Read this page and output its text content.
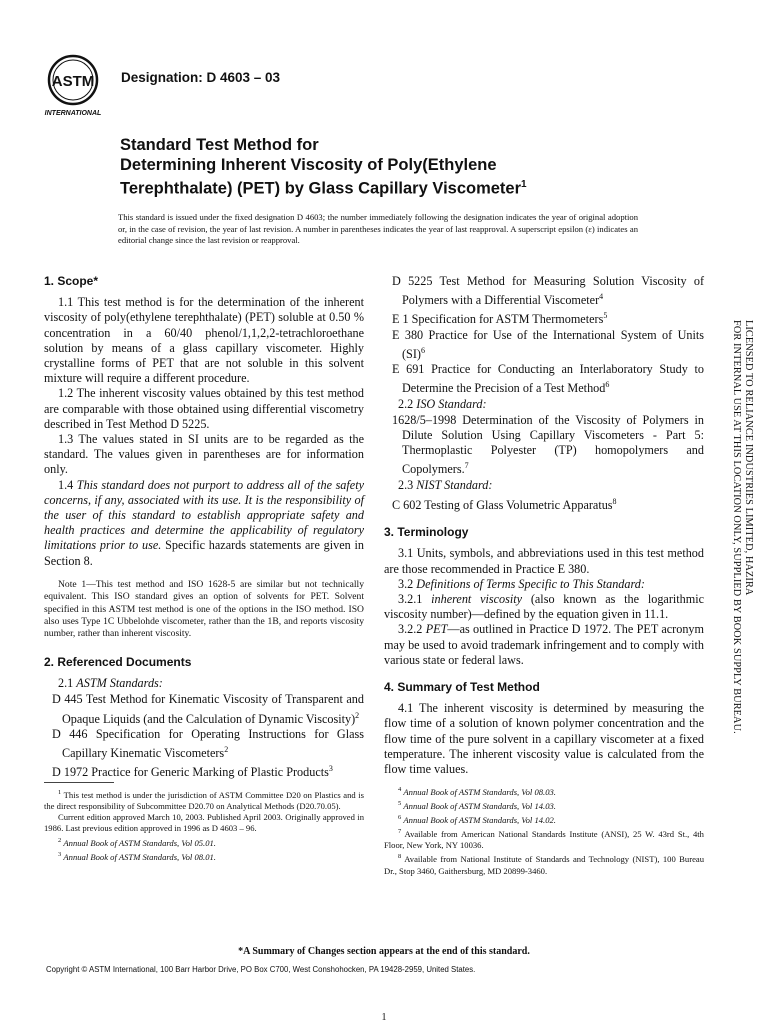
ASTM
INTERNATIONAL
Designation: D 4603 – 03
Standard Test Method for
Determining Inherent Viscosity of Poly(Ethylene
Terephthalate) (PET) by Glass Capillary Viscometer$^1$
This standard is issued under the fixed designation D 4603; the number immediately following the designation indicates the year of original adoption or, in the case of revision, the year of last revision. A number in parentheses indicates the year of last reapproval. A superscript epsilon (ε) indicates an editorial change since the last revision or reapproval.
1. Scope*

1.1 This test method is for the determination of the inherent viscosity of poly(ethylene terephthalate) (PET) soluble at 0.50 % concentration in a 60/40 phenol/1,1,2,2-tetrachloroethane solution by means of a glass capillary viscometer. Highly crystalline forms of PET that are not soluble in this solvent mixture will require a different procedure.

1.2 The inherent viscosity values obtained by this test method are comparable with those obtained using differential viscometry described in Test Method D 5225.

1.3 The values stated in SI units are to be regarded as the standard. The values given in parentheses are for information only.

1.4 This standard does not purport to address all of the safety concerns, if any, associated with its use. It is the responsibility of the user of this standard to establish appropriate safety and health practices and determine the applicability of regulatory limitations prior to use. Specific hazards statements are given in Section 8.

Note 1—This test method and ISO 1628-5 are similar but not technically equivalent. This ISO standard gives an option of solvents for PET. Solvent specified in this ASTM test method is one of the options in the ISO method. ISO also uses Type 1C Ubbelohde viscometer, rather than the 1B, and reports viscosity number, rather than inherent viscosity.

2. Referenced Documents

2.1 ASTM Standards:

D 445 Test Method for Kinematic Viscosity of Transparent and Opaque Liquids (and the Calculation of Dynamic Viscosity)$^2$

D 446 Specification for Operating Instructions for Glass Capillary Kinematic Viscometers$^2$

D 1972 Practice for Generic Marking of Plastic Products$^3$

D 5225 Test Method for Measuring Solution Viscosity of Polymers with a Differential Viscometer$^4$

E 1 Specification for ASTM Thermometers$^5$

E 380 Practice for Use of the International System of Units (SI)$^6$

E 691 Practice for Conducting an Interlaboratory Study to Determine the Precision of a Test Method$^6$

2.2 ISO Standard:

1628/5–1998 Determination of the Viscosity of Polymers in Dilute Solution Using Capillary Viscometers - Part 5: Thermoplastic Polyester (TP) homopolymers and Copolymers.$^7$

2.3 NIST Standard:

C 602 Testing of Glass Volumetric Apparatus$^8$

3. Terminology

3.1 Units, symbols, and abbreviations used in this test method are those recommended in Practice E 380.

3.2 Definitions of Terms Specific to This Standard:

3.2.1 inherent viscosity (also known as the logarithmic viscosity number)—defined by the equation given in 11.1.

3.2.2 PET—as outlined in Practice D 1972. The PET acronym may be used to avoid trademark infringement and to comply with various state or federal laws.

4. Summary of Test Method

4.1 The inherent viscosity is determined by measuring the flow time of a solution of known polymer concentration and the flow time of the pure solvent in a capillary viscometer at a fixed temperature. The inherent viscosity value is calculated from the flow time values.

LICENSED TO RELIANCE INDUSTRIES LIMITED, HAZIRA
FOR INTERNAL USE AT THIS LOCATION ONLY, SUPPLIED BY BOOK SUPPLY BUREAU.

$^1$ This test method is under the jurisdiction of ASTM Committee D20 on Plastics and is the direct responsibility of Subcommittee D20.70 on Analytical Methods (D20.70.05).

Current edition approved March 10, 2003. Published April 2003. Originally approved in 1986. Last previous edition approved in 1996 as D 4603 – 96.

$^2$ Annual Book of ASTM Standards, Vol 05.01.

$^3$ Annual Book of ASTM Standards, Vol 08.01.

$^4$ Annual Book of ASTM Standards, Vol 08.03.

$^5$ Annual Book of ASTM Standards, Vol 14.03.

$^6$ Annual Book of ASTM Standards, Vol 14.02.

$^7$ Available from American National Standards Institute (ANSI), 25 W. 43rd St., 4th Floor, New York, NY 10036.

$^8$ Available from National Institute of Standards and Technology (NIST), 100 Bureau Dr., Stop 3460, Gaithersburg, MD 20899-3460.

*A Summary of Changes section appears at the end of this standard.
Copyright © ASTM International, 100 Barr Harbor Drive, PO Box C700, West Conshohocken, PA 19428-2959, United States.
1
